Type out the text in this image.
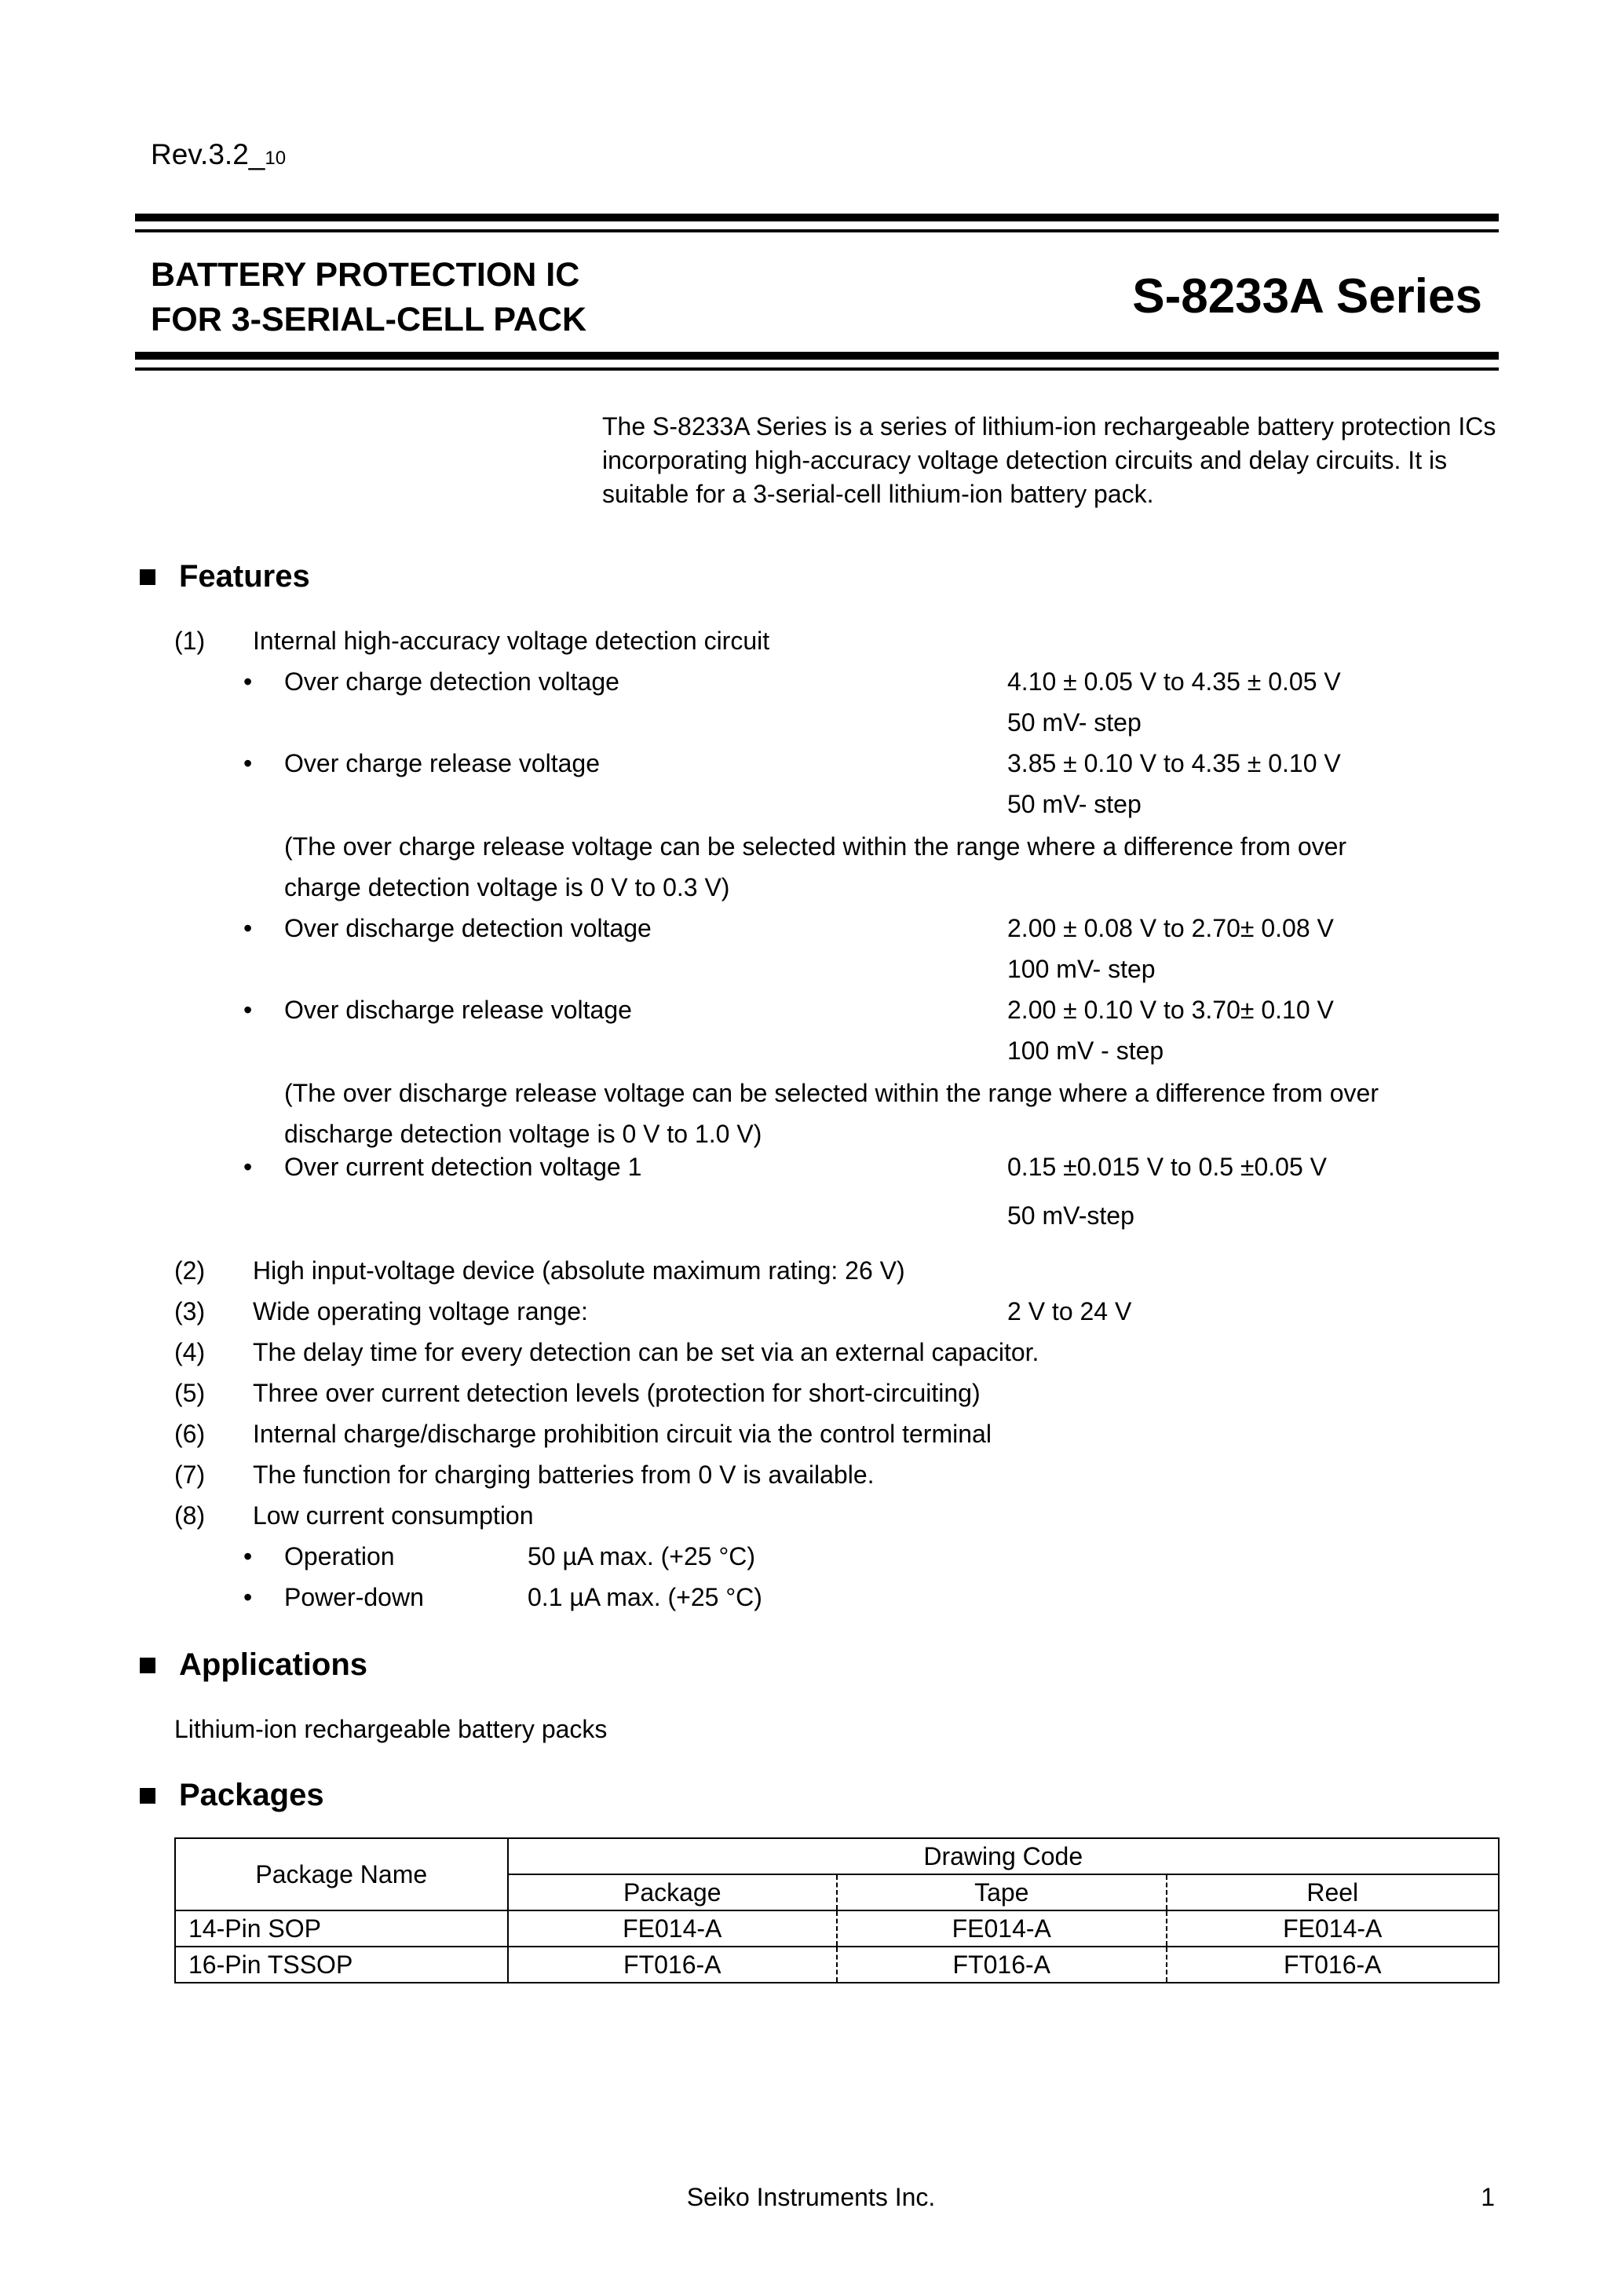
Rev.3.2_10
BATTERY PROTECTION IC
FOR 3-SERIAL-CELL PACK	S-8233A Series
The S-8233A Series is a series of lithium-ion rechargeable battery protection ICs incorporating high-accuracy voltage detection circuits and delay circuits. It is suitable for a 3-serial-cell lithium-ion battery pack.
Features
(1) Internal high-accuracy voltage detection circuit
• Over charge detection voltage	4.10 ± 0.05 V to 4.35 ± 0.05 V
50 mV- step
• Over charge release voltage	3.85 ± 0.10 V to 4.35 ± 0.10 V
50 mV- step
(The over charge release voltage can be selected within the range where a difference from over
charge detection voltage is 0 V to 0.3 V)
• Over discharge detection voltage	2.00 ± 0.08 V to 2.70± 0.08 V
100 mV- step
• Over discharge release voltage	2.00 ± 0.10 V to 3.70± 0.10 V
100 mV - step
(The over discharge release voltage can be selected within the range where a difference from over
discharge detection voltage is 0 V to 1.0 V)
• Over current detection voltage 1	0.15 ±0.015 V to 0.5 ±0.05 V
50 mV-step
(2) High input-voltage device (absolute maximum rating: 26 V)
(3) Wide operating voltage range:	2 V to 24 V
(4) The delay time for every detection can be set via an external capacitor.
(5) Three over current detection levels (protection for short-circuiting)
(6) Internal charge/discharge prohibition circuit via the control terminal
(7) The function for charging batteries from 0 V is available.
(8) Low current consumption
• Operation	50 µA max. (+25 °C)
• Power-down	0.1 µA max. (+25 °C)
Applications
Lithium-ion rechargeable battery packs
Packages
Package Name	Drawing Code		
	Package	Tape	Reel
14-Pin SOP	FE014-A	FE014-A	FE014-A
16-Pin TSSOP	FT016-A	FT016-A	FT016-A
Seiko Instruments Inc.	1
